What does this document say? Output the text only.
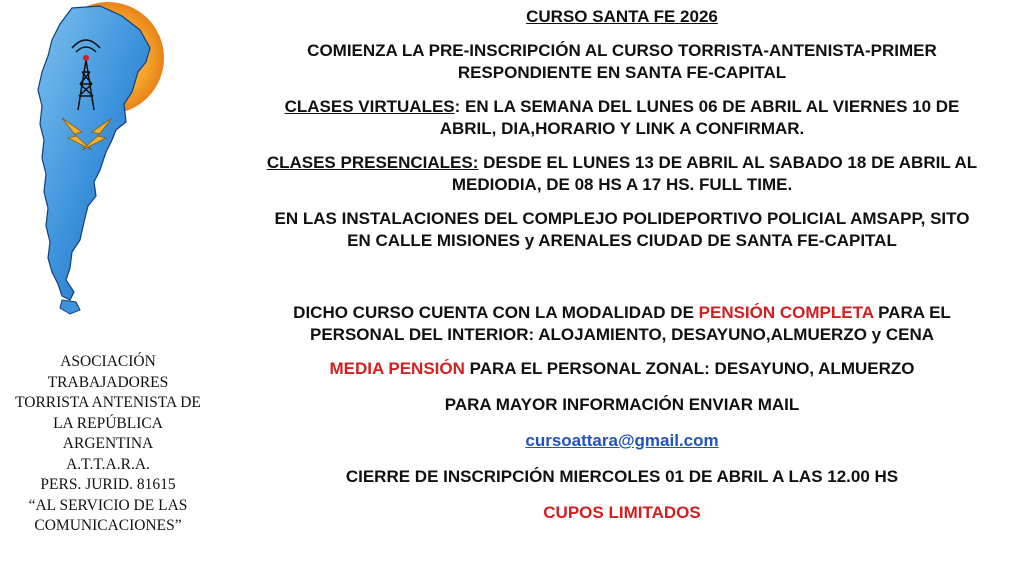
ASOCIACIÓN
TRABAJADORES
TORRISTA ANTENISTA DE
LA REPÚBLICA
ARGENTINA
A.T.T.A.R.A.
PERS. JURID. 81615
“AL SERVICIO DE LAS
COMUNICACIONES”

CURSO SANTA FE 2026

COMIENZA LA PRE-INSCRIPCIÓN AL CURSO TORRISTA-ANTENISTA-PRIMER
RESPONDIENTE EN SANTA FE-CAPITAL

CLASES VIRTUALES: EN LA SEMANA DEL LUNES 06 DE ABRIL AL VIERNES 10 DE
ABRIL, DIA,HORARIO Y LINK A CONFIRMAR.

CLASES PRESENCIALES: DESDE EL LUNES 13 DE ABRIL AL SABADO 18 DE ABRIL AL
MEDIODIA, DE 08 HS A 17 HS. FULL TIME.

EN LAS INSTALACIONES DEL COMPLEJO POLIDEPORTIVO POLICIAL AMSAPP, SITO
EN CALLE MISIONES y ARENALES CIUDAD DE SANTA FE-CAPITAL

DICHO CURSO CUENTA CON LA MODALIDAD DE PENSIÓN COMPLETA PARA EL
PERSONAL DEL INTERIOR: ALOJAMIENTO, DESAYUNO,ALMUERZO y CENA

MEDIA PENSIÓN PARA EL PERSONAL ZONAL: DESAYUNO, ALMUERZO

PARA MAYOR INFORMACIÓN ENVIAR MAIL

cursoattara@gmail.com

CIERRE DE INSCRIPCIÓN MIERCOLES 01 DE ABRIL A LAS 12.00 HS

CUPOS LIMITADOS
